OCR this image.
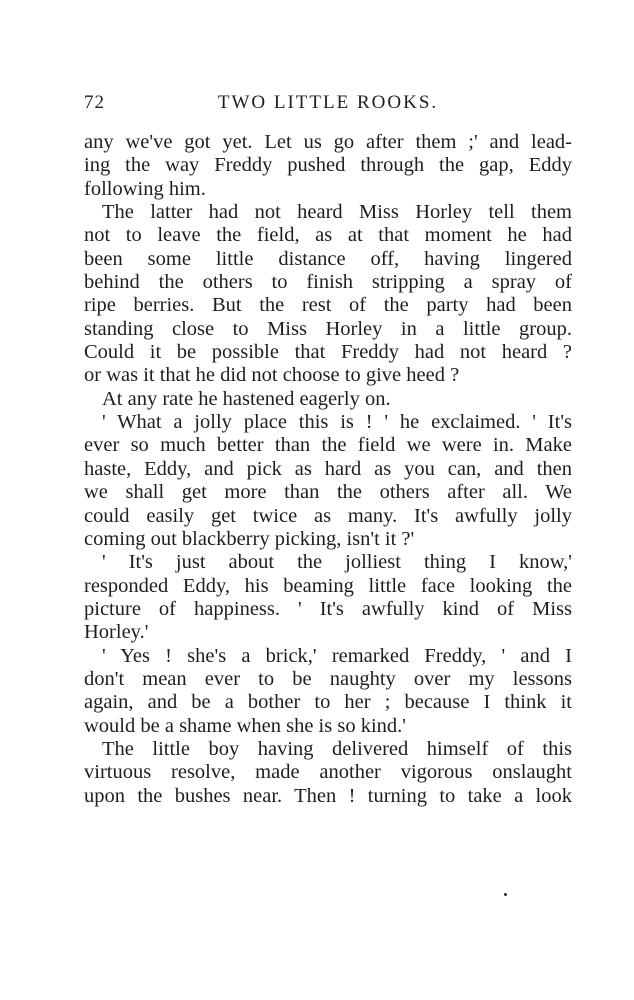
72	TWO LITTLE ROOKS.
any we've got yet. Let us go after them ;' and lead-
ing the way Freddy pushed through the gap, Eddy
following him.
The latter had not heard Miss Horley tell them
not to leave the field, as at that moment he had
been some little distance off, having lingered
behind the others to finish stripping a spray of
ripe berries. But the rest of the party had been
standing close to Miss Horley in a little group.
Could it be possible that Freddy had not heard ?
or was it that he did not choose to give heed ?
At any rate he hastened eagerly on.
' What a jolly place this is ! ' he exclaimed. ' It's
ever so much better than the field we were in. Make
haste, Eddy, and pick as hard as you can, and then
we shall get more than the others after all. We
could easily get twice as many. It's awfully jolly
coming out blackberry picking, isn't it ?'
' It's just about the jolliest thing I know,'
responded Eddy, his beaming little face looking the
picture of happiness. ' It's awfully kind of Miss
Horley.'
' Yes ! she's a brick,' remarked Freddy, ' and I
don't mean ever to be naughty over my lessons
again, and be a bother to her ; because I think it
would be a shame when she is so kind.'
The little boy having delivered himself of this
virtuous resolve, made another vigorous onslaught
upon the bushes near. Then ! turning to take a look
